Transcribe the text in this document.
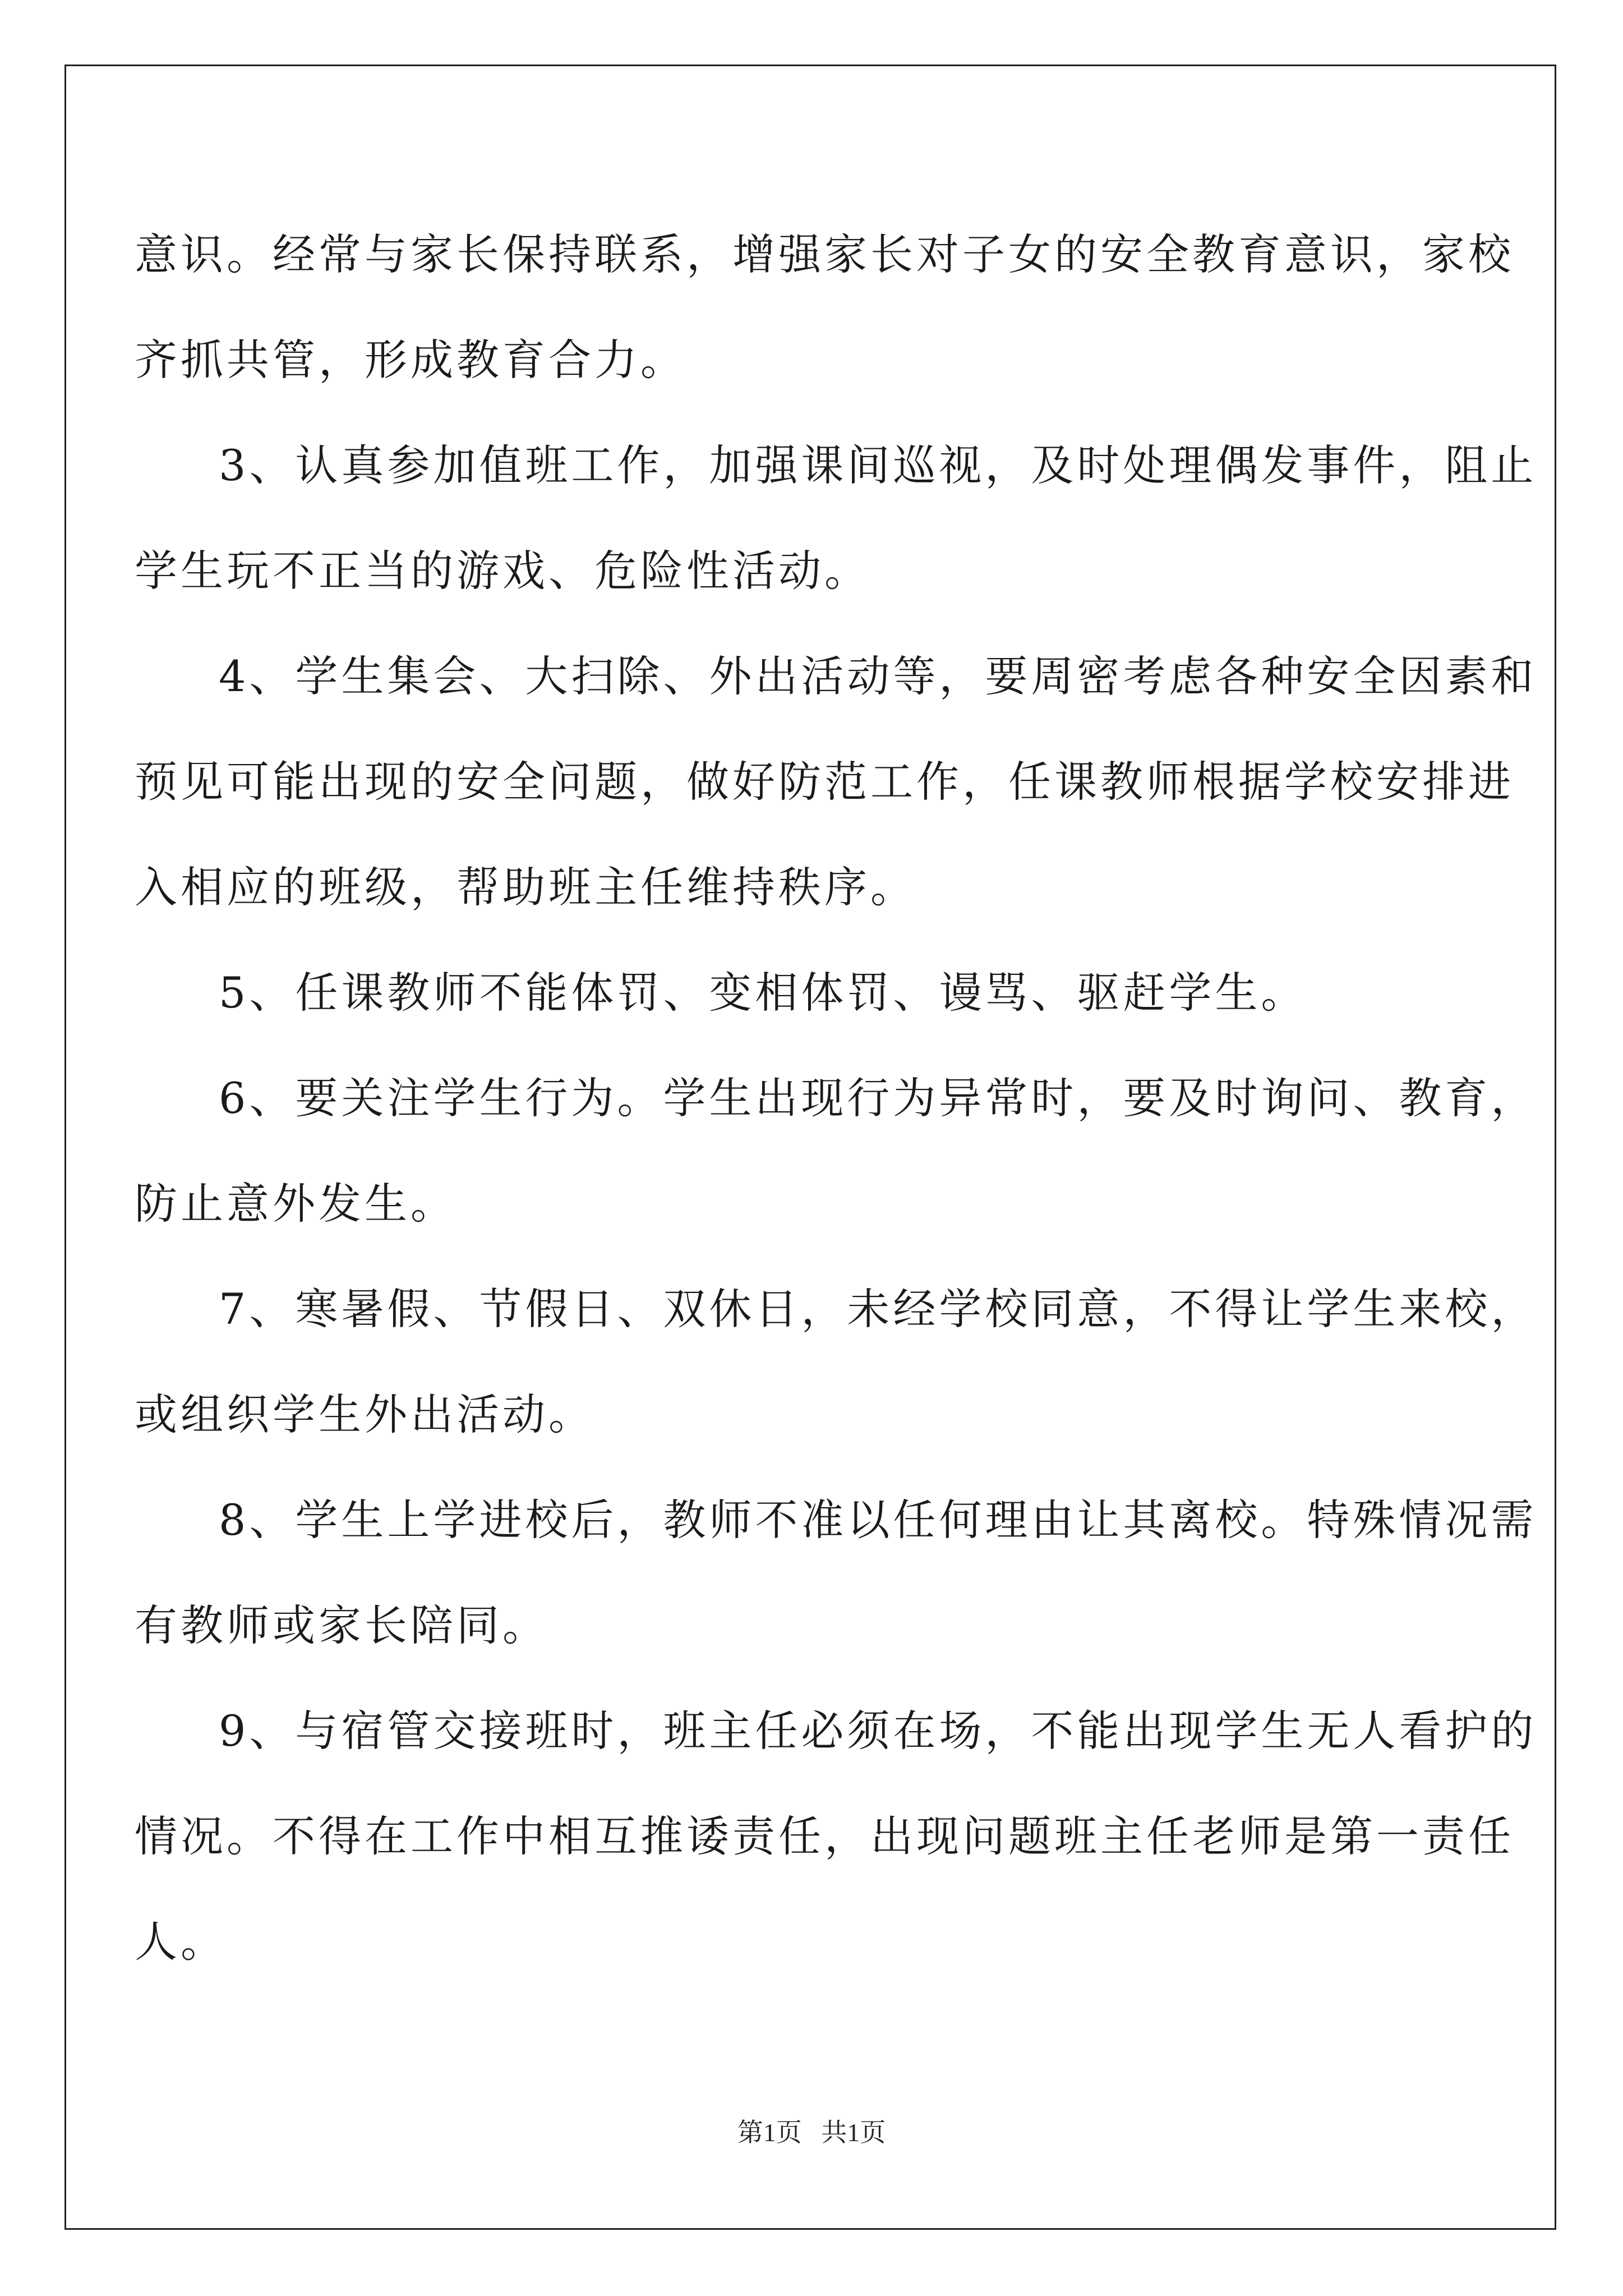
意识。经常与家长保持联系，增强家长对子女的安全教育意识，家校
齐抓共管，形成教育合力。
3、认真参加值班工作，加强课间巡视，及时处理偶发事件，阻止
学生玩不正当的游戏、危险性活动。
4、学生集会、大扫除、外出活动等，要周密考虑各种安全因素和
预见可能出现的安全问题，做好防范工作，任课教师根据学校安排进
入相应的班级，帮助班主任维持秩序。
5、任课教师不能体罚、变相体罚、谩骂、驱赶学生。
6、要关注学生行为。学生出现行为异常时，要及时询问、教育，
防止意外发生。
7、寒暑假、节假日、双休日，未经学校同意，不得让学生来校，
或组织学生外出活动。
8、学生上学进校后，教师不准以任何理由让其离校。特殊情况需
有教师或家长陪同。
9、与宿管交接班时，班主任必须在场，不能出现学生无人看护的
情况。不得在工作中相互推诿责任，出现问题班主任老师是第一责任
人。
第1页   共1页
